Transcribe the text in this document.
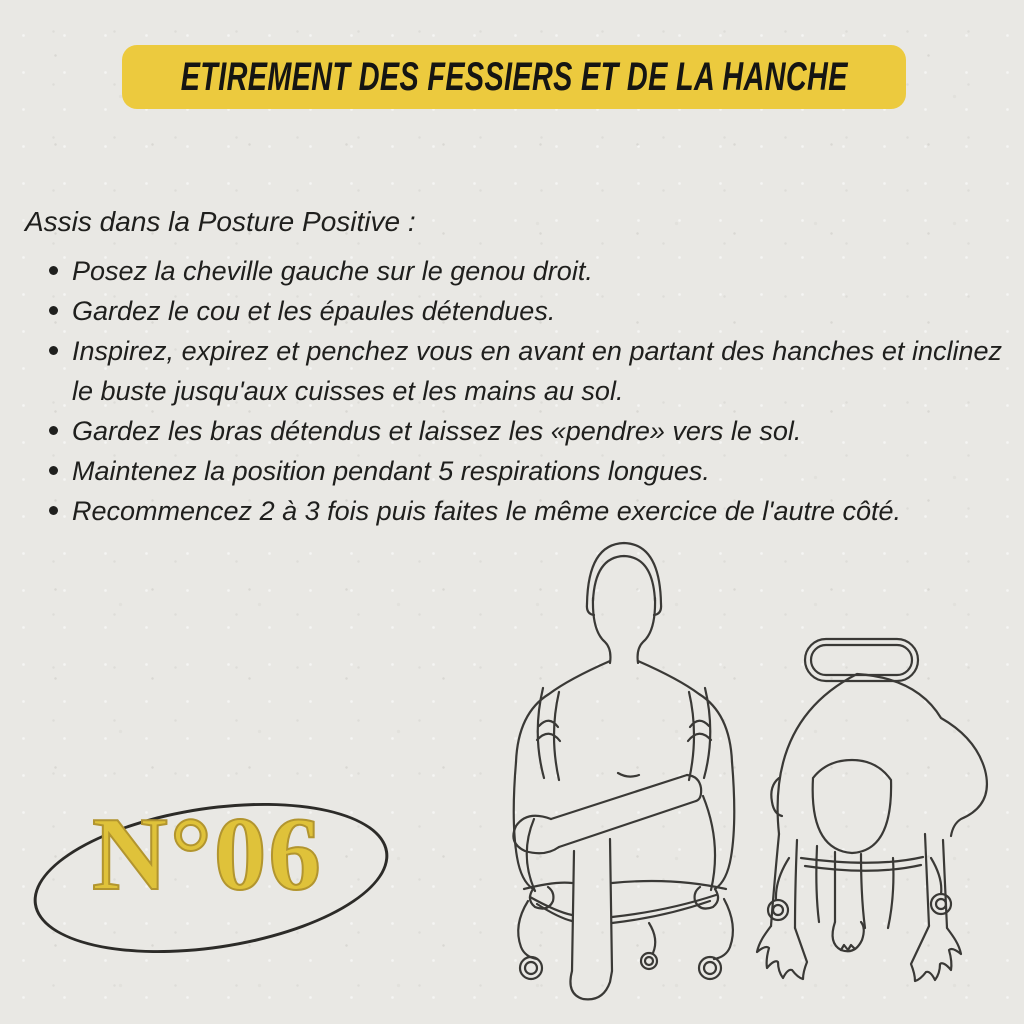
ETIREMENT DES FESSIERS ET DE LA HANCHE

Assis dans la Posture Positive :

Posez la cheville gauche sur le genou droit.
Gardez le cou et les épaules détendues.
Inspirez, expirez et penchez vous en avant en partant des hanches et inclinez le buste jusqu'aux cuisses et les mains au sol.
Gardez les bras détendus et laissez les «pendre» vers le sol.
Maintenez la position pendant 5 respirations longues.
Recommencez 2 à 3 fois puis faites le même exercice de l'autre côté.
N°06
